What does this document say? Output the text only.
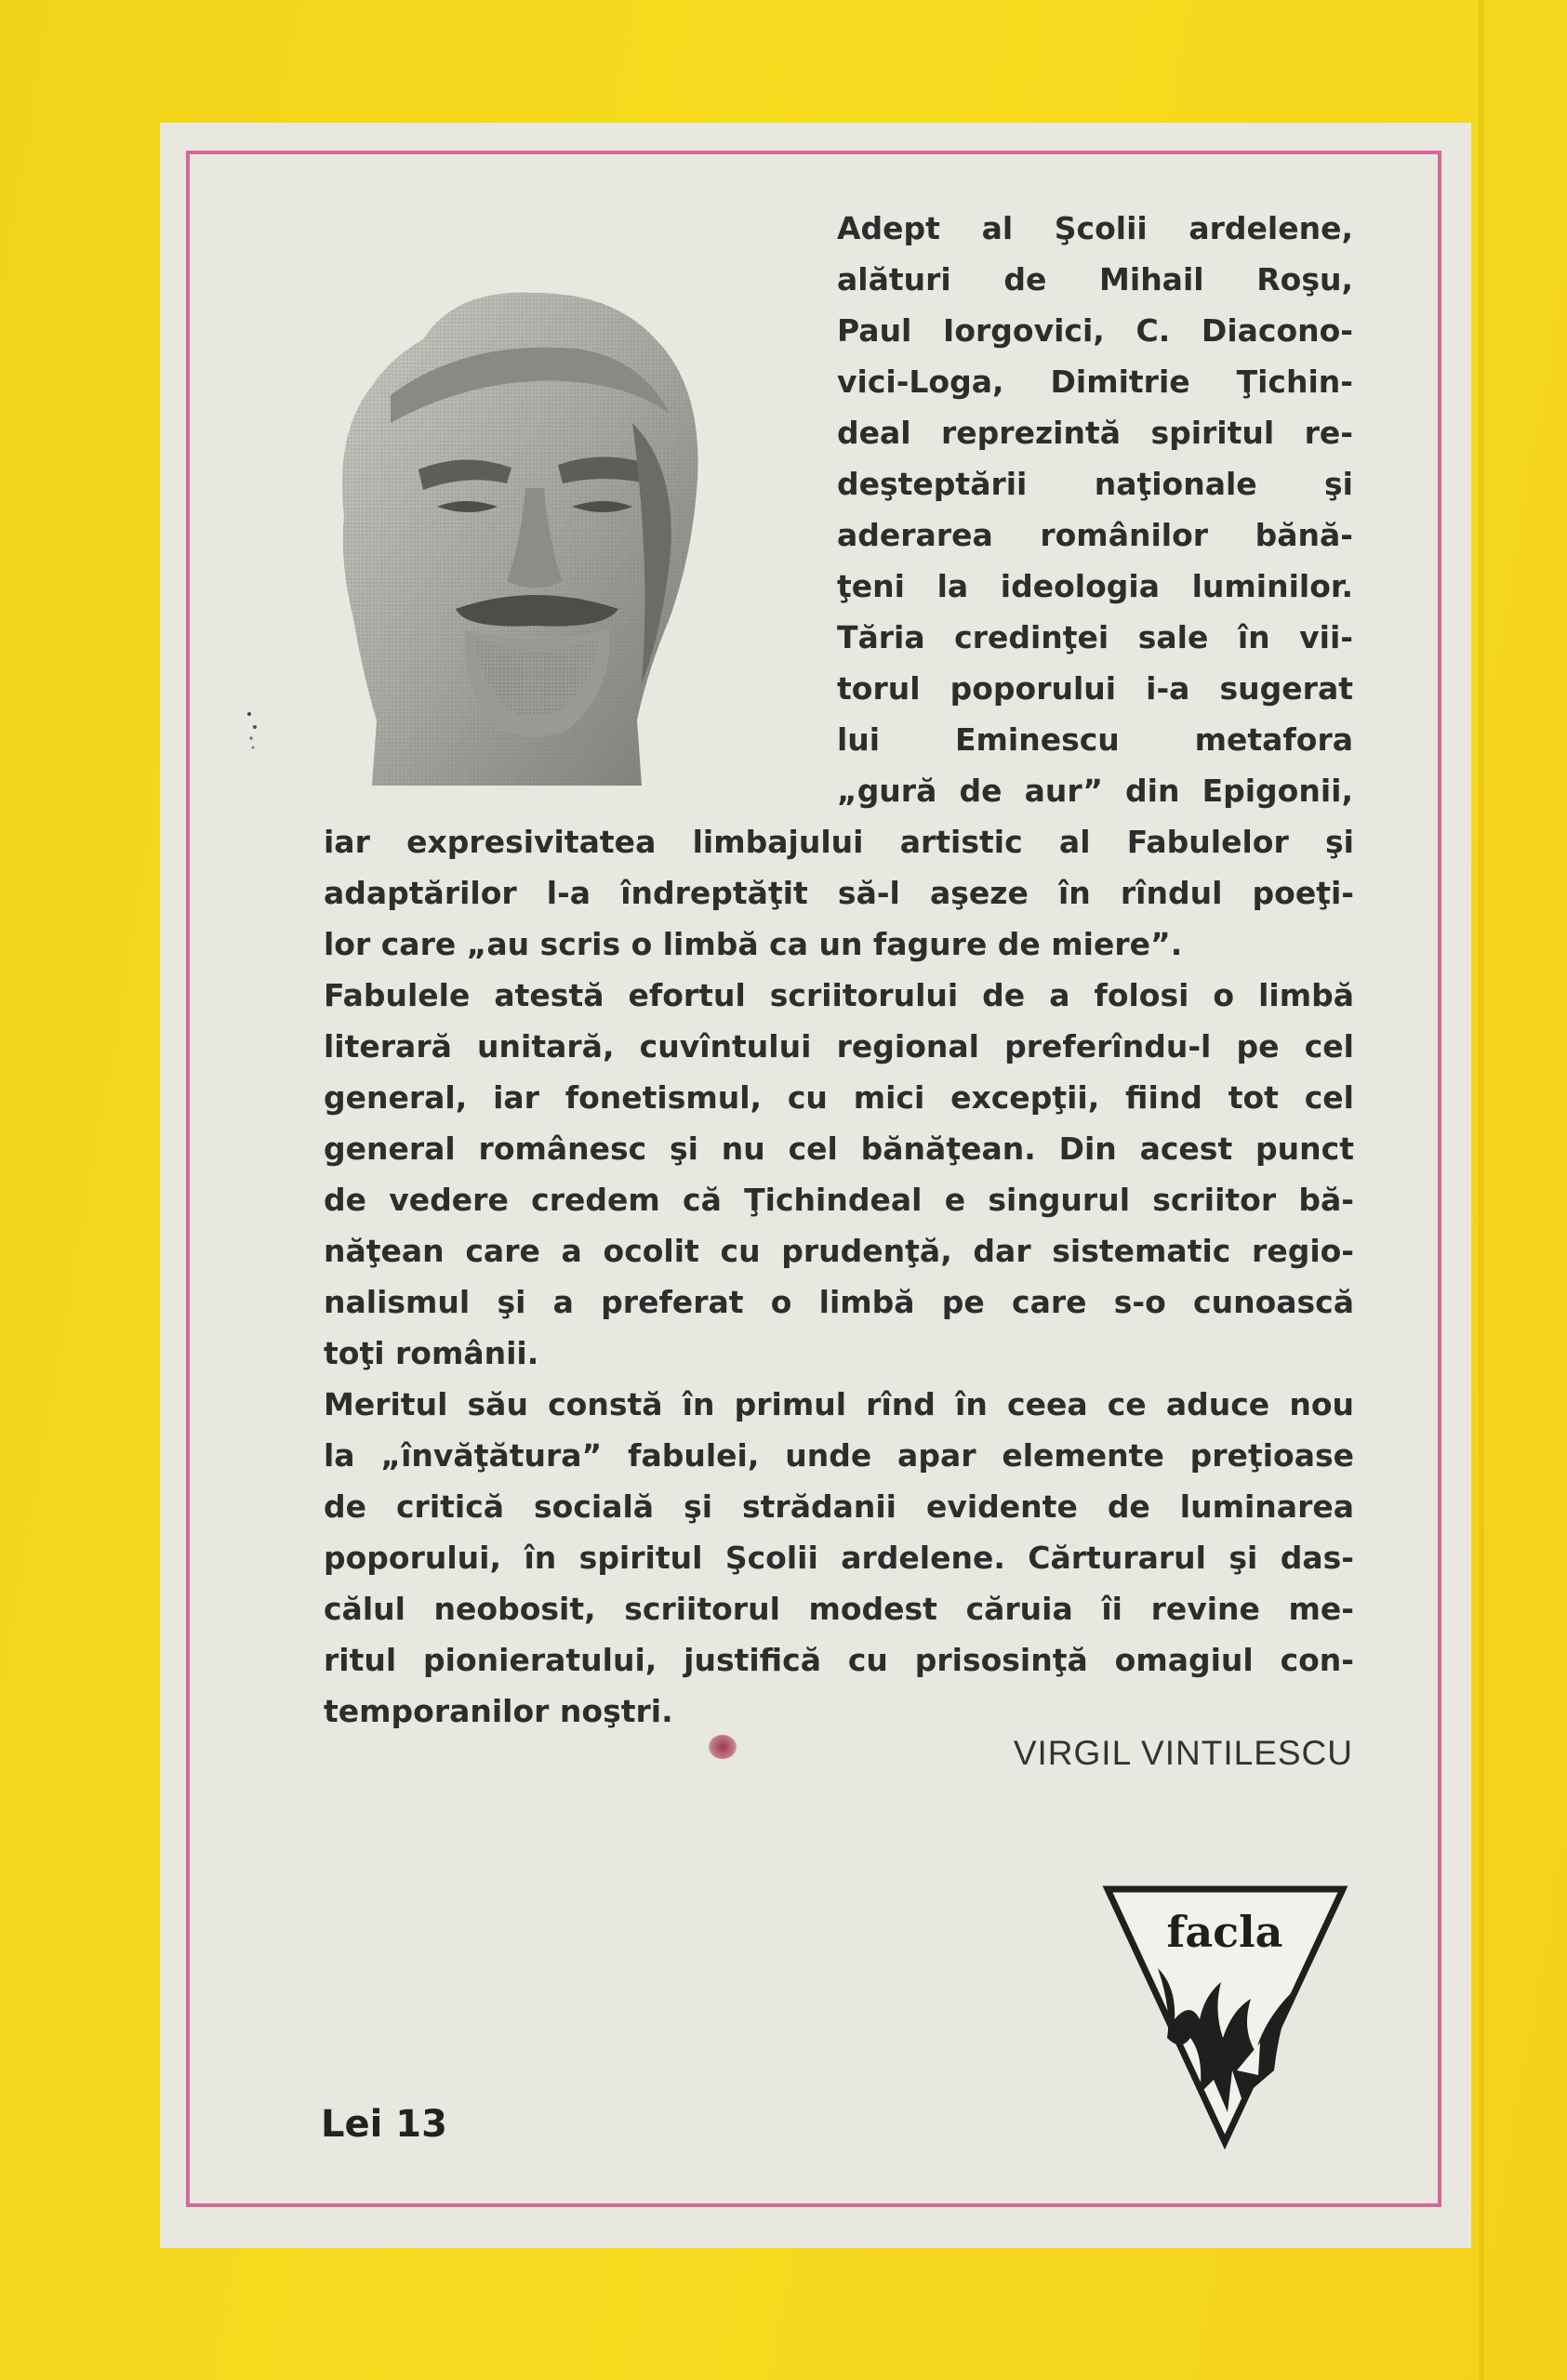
Adept al Şcolii ardelene,
alături de Mihail Roşu,
Paul Iorgovici, C. Diacono-
vici-Loga, Dimitrie Ţichin-
deal reprezintă spiritul re-
deşteptării naţionale şi
aderarea românilor bănă-
ţeni la ideologia luminilor.
Tăria credinţei sale în vii-
torul poporului i-a sugerat
lui Eminescu metafora
„gură de aur” din Epigonii,

iar expresivitatea limbajului artistic al Fabulelor şi
adaptărilor l-a îndreptăţit să-l aşeze în rîndul poeţi-
lor care „au scris o limbă ca un fagure de miere”.
Fabulele atestă efortul scriitorului de a folosi o limbă
literară unitară, cuvîntului regional preferîndu-l pe cel
general, iar fonetismul, cu mici excepţii, fiind tot cel
general românesc şi nu cel bănăţean. Din acest punct
de vedere credem că Ţichindeal e singurul scriitor bă-
năţean care a ocolit cu prudenţă, dar sistematic regio-
nalismul şi a preferat o limbă pe care s-o cunoască
toţi românii.
Meritul său constă în primul rînd în ceea ce aduce nou
la „învăţătura” fabulei, unde apar elemente preţioase
de critică socială şi strădanii evidente de luminarea
poporului, în spiritul Şcolii ardelene. Cărturarul şi das-
călul neobosit, scriitorul modest căruia îi revine me-
ritul pionieratului, justifică cu prisosinţă omagiul con-
temporanilor noştri.

VIRGIL VINTILESCU
facla
Lei 13
